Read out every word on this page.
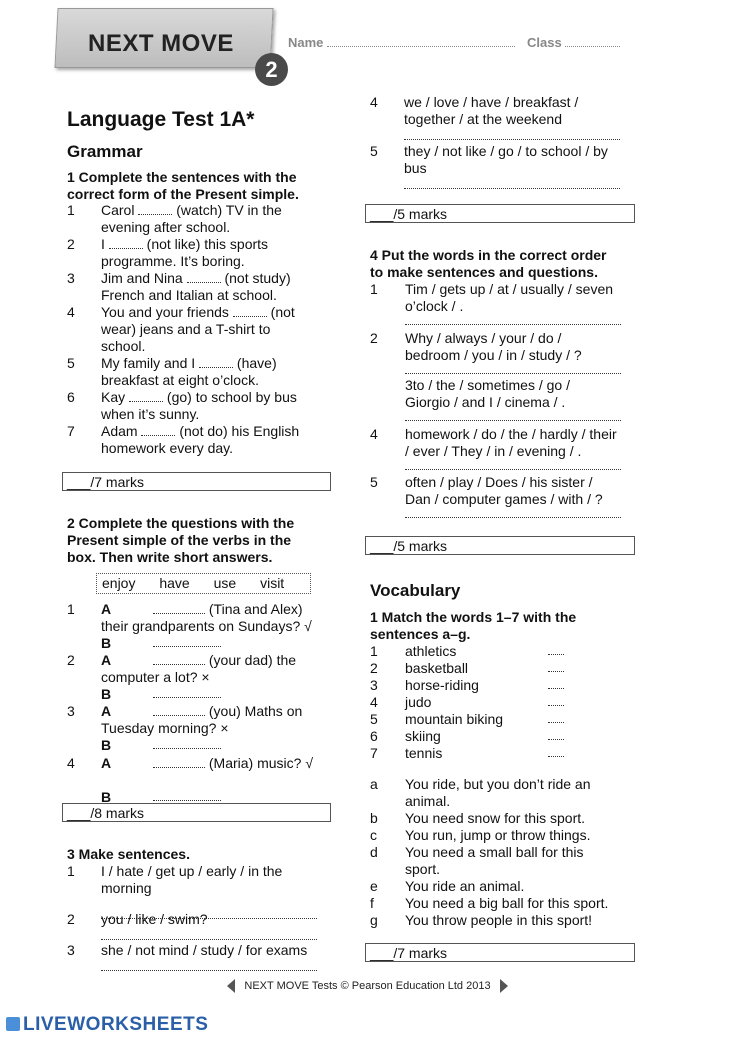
NEXT MOVE
2
Name	Class
Language Test 1A*
Grammar
1 Complete the sentences with the
correct form of the Present simple.
___/7 marks
2 Complete the questions with the
Present simple of the verbs in the
box. Then write short answers.
enjoy have use visit
___/8 marks
3 Make sentences.
___/5 marks
4 Put the words in the correct order
to make sentences and questions.
___/5 marks
Vocabulary
1 Match the words 1–7 with the
sentences a–g.
___/7 marks
NEXT MOVE Tests © Pearson Education Ltd 2013
LIVEWORKSHEETS
1 Carol  (watch) TV in the
evening after school.
2 I  (not like) this sports
programme. It’s boring.
3 Jim and Nina  (not study)
French and Italian at school.
4 You and your friends  (not
wear) jeans and a T-shirt to
school.
5 My family and I  (have)
breakfast at eight o’clock.
6 Kay  (go) to school by bus
when it’s sunny.
7 Adam  (not do) his English
homework every day.
1 A	(Tina and Alex)
their grandparents on Sundays? √
B
2 A	(your dad) the
computer a lot? ×
B
3 A	(you) Maths on
Tuesday morning? ×
B
4 A	(Maria) music? √
B
1 I / hate / get up / early / in the
morning
2 you / like / swim?
3 she / not mind / study / for exams
4 we / love / have / breakfast /
together / at the weekend
5 they / not like / go / to school / by
bus
1 Tim / gets up / at / usually / seven
o’clock / .
2 Why / always / your / do /
bedroom / you / in / study / ?
3to / the / sometimes / go /
Giorgio / and I / cinema / .
4 homework / do / the / hardly / their
/ ever / They / in / evening / .
5 often / play / Does / his sister /
Dan / computer games / with / ?
1 athletics
2 basketball
3 horse-riding
4 judo
5 mountain biking
6 skiing
7 tennis
a You ride, but you don’t ride an
animal.
b You need snow for this sport.
c You run, jump or throw things.
d You need a small ball for this
sport.
e You ride an animal.
f You need a big ball for this sport.
g You throw people in this sport!
